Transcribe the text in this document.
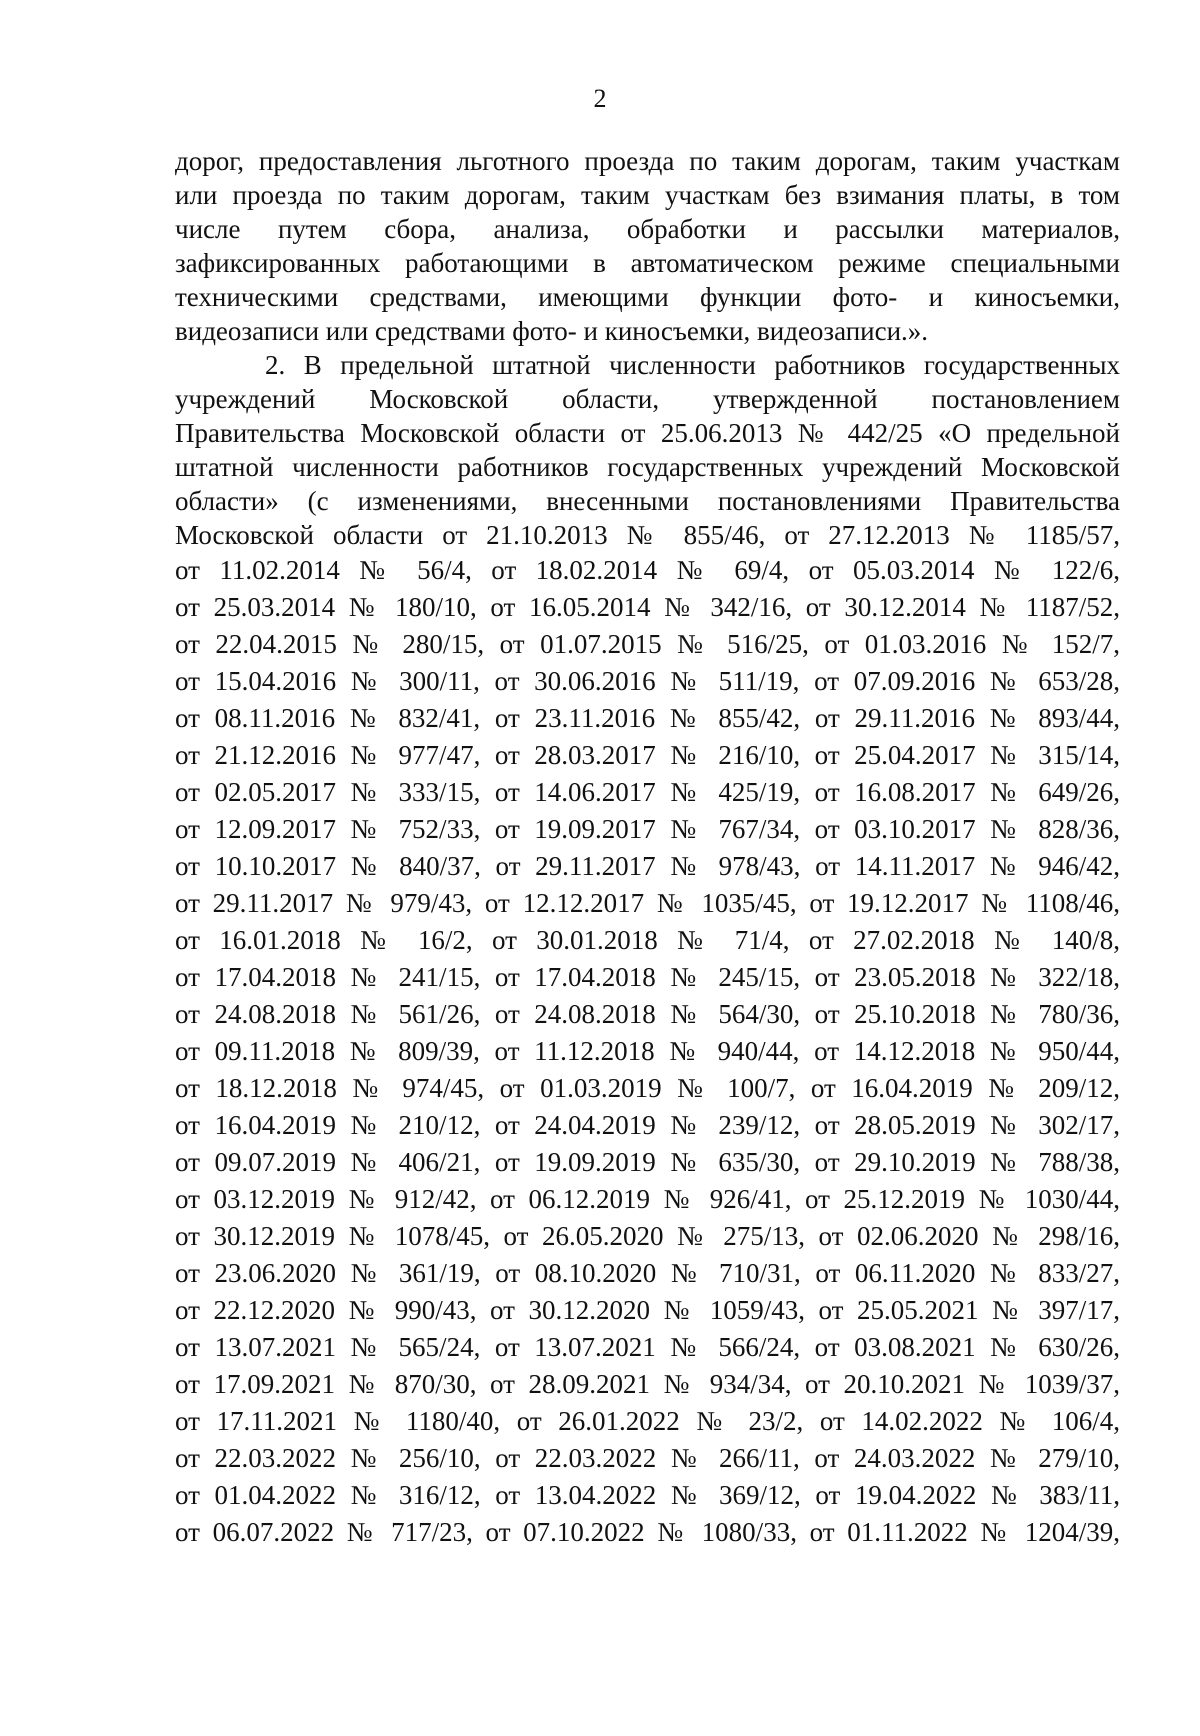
2
дорог, предоставления льготного проезда по таким дорогам, таким участкам
или проезда по таким дорогам, таким участкам без взимания платы, в том
числе путем сбора, анализа, обработки и рассылки материалов,
зафиксированных работающими в автоматическом режиме специальными
техническими средствами, имеющими функции фото- и киносъемки,
видеозаписи или средствами фото- и киносъемки, видеозаписи.».
2. В предельной штатной численности работников государственных
учреждений Московской области, утвержденной постановлением
Правительства Московской области от 25.06.2013 № 442/25 «О предельной
штатной численности работников государственных учреждений Московской
области» (с изменениями, внесенными постановлениями Правительства
Московской области от 21.10.2013 № 855/46, от 27.12.2013 № 1185/57,
от 11.02.2014 № 56/4, от 18.02.2014 № 69/4, от 05.03.2014 № 122/6,
от 25.03.2014 № 180/10, от 16.05.2014 № 342/16, от 30.12.2014 № 1187/52,
от 22.04.2015 № 280/15, от 01.07.2015 № 516/25, от 01.03.2016 № 152/7,
от 15.04.2016 № 300/11, от 30.06.2016 № 511/19, от 07.09.2016 № 653/28,
от 08.11.2016 № 832/41, от 23.11.2016 № 855/42, от 29.11.2016 № 893/44,
от 21.12.2016 № 977/47, от 28.03.2017 № 216/10, от 25.04.2017 № 315/14,
от 02.05.2017 № 333/15, от 14.06.2017 № 425/19, от 16.08.2017 № 649/26,
от 12.09.2017 № 752/33, от 19.09.2017 № 767/34, от 03.10.2017 № 828/36,
от 10.10.2017 № 840/37, от 29.11.2017 № 978/43, от 14.11.2017 № 946/42,
от 29.11.2017 № 979/43, от 12.12.2017 № 1035/45, от 19.12.2017 № 1108/46,
от 16.01.2018 № 16/2, от 30.01.2018 № 71/4, от 27.02.2018 № 140/8,
от 17.04.2018 № 241/15, от 17.04.2018 № 245/15, от 23.05.2018 № 322/18,
от 24.08.2018 № 561/26, от 24.08.2018 № 564/30, от 25.10.2018 № 780/36,
от 09.11.2018 № 809/39, от 11.12.2018 № 940/44, от 14.12.2018 № 950/44,
от 18.12.2018 № 974/45, от 01.03.2019 № 100/7, от 16.04.2019 № 209/12,
от 16.04.2019 № 210/12, от 24.04.2019 № 239/12, от 28.05.2019 № 302/17,
от 09.07.2019 № 406/21, от 19.09.2019 № 635/30, от 29.10.2019 № 788/38,
от 03.12.2019 № 912/42, от 06.12.2019 № 926/41, от 25.12.2019 № 1030/44,
от 30.12.2019 № 1078/45, от 26.05.2020 № 275/13, от 02.06.2020 № 298/16,
от 23.06.2020 № 361/19, от 08.10.2020 № 710/31, от 06.11.2020 № 833/27,
от 22.12.2020 № 990/43, от 30.12.2020 № 1059/43, от 25.05.2021 № 397/17,
от 13.07.2021 № 565/24, от 13.07.2021 № 566/24, от 03.08.2021 № 630/26,
от 17.09.2021 № 870/30, от 28.09.2021 № 934/34, от 20.10.2021 № 1039/37,
от 17.11.2021 № 1180/40, от 26.01.2022 № 23/2, от 14.02.2022 № 106/4,
от 22.03.2022 № 256/10, от 22.03.2022 № 266/11, от 24.03.2022 № 279/10,
от 01.04.2022 № 316/12, от 13.04.2022 № 369/12, от 19.04.2022 № 383/11,
от 06.07.2022 № 717/23, от 07.10.2022 № 1080/33, от 01.11.2022 № 1204/39,
